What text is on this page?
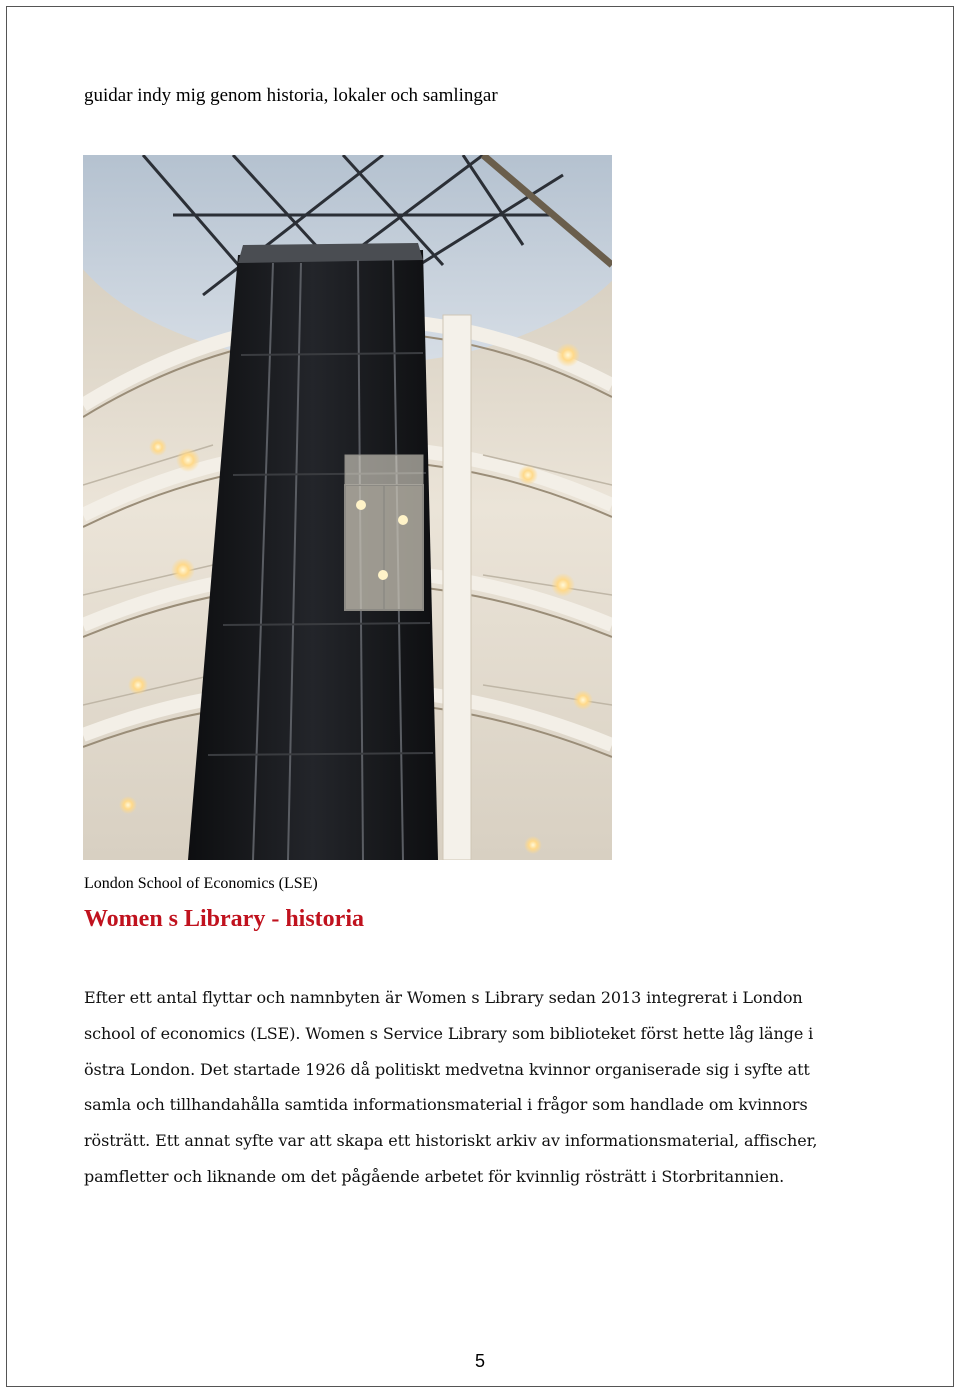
guidar indy mig genom historia, lokaler och samlingar
London School of Economics (LSE)
Women s Library - historia
Efter ett antal flyttar och namnbyten är Women s Library sedan 2013 integrerat i London
school of economics (LSE). Women s Service Library som biblioteket först hette låg länge i
östra London. Det startade 1926 då politiskt medvetna kvinnor organiserade sig i syfte att
samla och tillhandahålla samtida informationsmaterial i frågor som handlade om kvinnors
rösträtt. Ett annat syfte var att skapa ett historiskt arkiv av informationsmaterial, affischer,
pamfletter och liknande om det pågående arbetet för kvinnlig rösträtt i Storbritannien.
5
